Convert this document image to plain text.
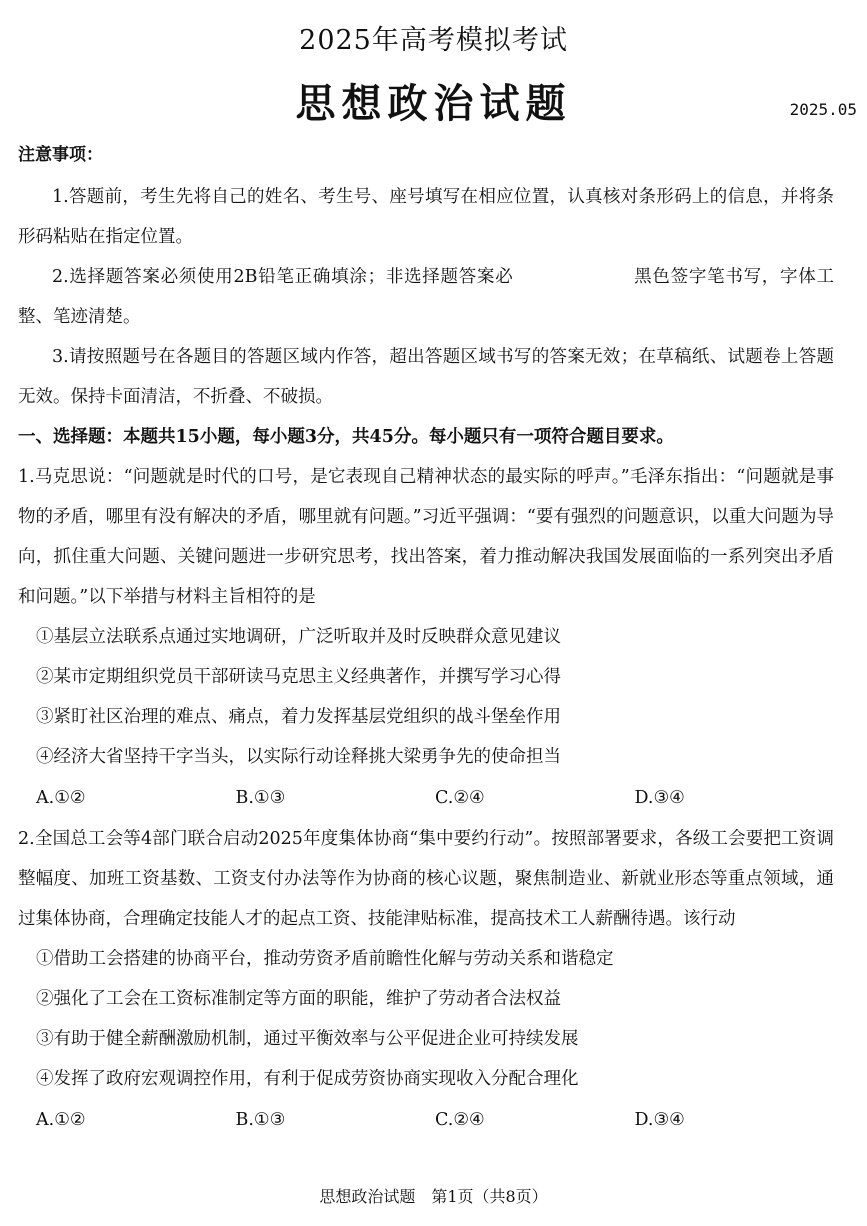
2025年高考模拟考试
思想政治试题	2025.05

注意事项：

1.答题前，考生先将自己的姓名、考生号、座号填写在相应位置，认真核对条形码上的信息，并将条形码粘贴在指定位置。

2.选择题答案必须使用2B铅笔正确填涂；非选择题答案必	黑色签字笔书写，字体工整、笔迹清楚。

3.请按照题号在各题目的答题区域内作答，超出答题区域书写的答案无效；在草稿纸、试题卷上答题无效。保持卡面清洁，不折叠、不破损。

一、选择题：本题共15小题，每小题3分，共45分。每小题只有一项符合题目要求。

1.马克思说：“问题就是时代的口号，是它表现自己精神状态的最实际的呼声。”毛泽东指出：“问题就是事物的矛盾，哪里有没有解决的矛盾，哪里就有问题。”习近平强调：“要有强烈的问题意识，以重大问题为导向，抓住重大问题、关键问题进一步研究思考，找出答案，着力推动解决我国发展面临的一系列突出矛盾和问题。”以下举措与材料主旨相符的是

①基层立法联系点通过实地调研，广泛听取并及时反映群众意见建议

②某市定期组织党员干部研读马克思主义经典著作，并撰写学习心得

③紧盯社区治理的难点、痛点，着力发挥基层党组织的战斗堡垒作用

④经济大省坚持干字当头，以实际行动诠释挑大梁勇争先的使命担当

A.①②	B.①③	C.②④	D.③④

2.全国总工会等4部门联合启动2025年度集体协商“集中要约行动”。按照部署要求，各级工会要把工资调整幅度、加班工资基数、工资支付办法等作为协商的核心议题，聚焦制造业、新就业形态等重点领域，通过集体协商，合理确定技能人才的起点工资、技能津贴标准，提高技术工人薪酬待遇。该行动

①借助工会搭建的协商平台，推动劳资矛盾前瞻性化解与劳动关系和谐稳定

②强化了工会在工资标准制定等方面的职能，维护了劳动者合法权益

③有助于健全薪酬激励机制，通过平衡效率与公平促进企业可持续发展

④发挥了政府宏观调控作用，有利于促成劳资协商实现收入分配合理化

A.①②	B.①③	C.②④	D.③④
思想政治试题　第1页（共8页）
